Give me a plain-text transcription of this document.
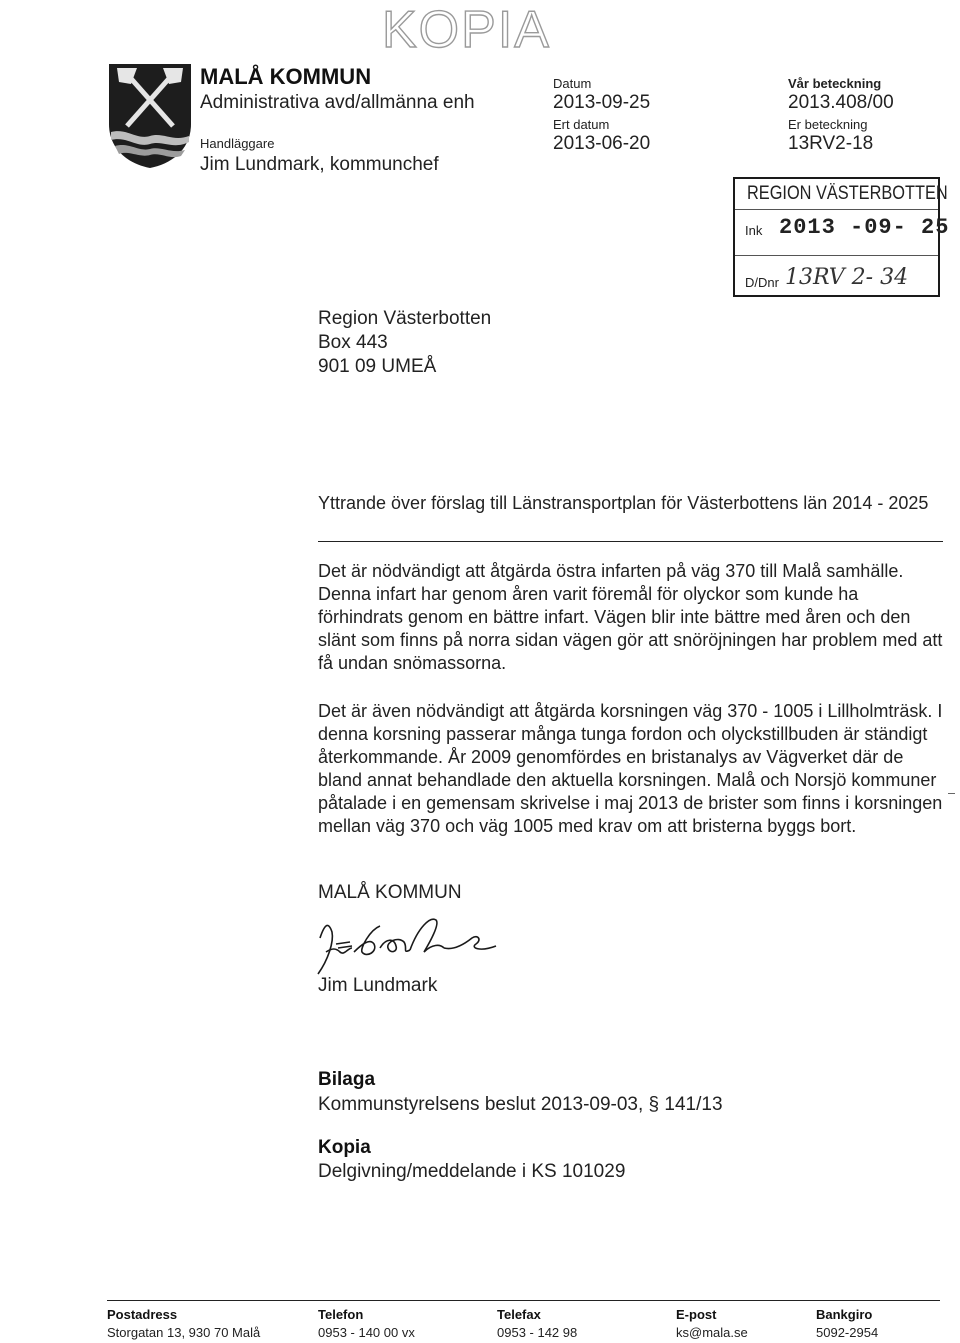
KOPIA
MALÅ KOMMUN
Administrativa avd/allmänna enh
Handläggare
Jim Lundmark, kommunchef
Datum
2013-09-25
Ert datum
2013-06-20
Vår beteckning
2013.408/00
Er beteckning
13RV2-18
REGION VÄSTERBOTTEN
Ink 2013 -09- 25
D/Dnr 13RV 2- 34
Region Västerbotten
Box 443
901 09 UMEÅ
Yttrande över förslag till Länstransportplan för Västerbottens län 2014 - 2025
Det är nödvändigt att åtgärda östra infarten på väg 370 till Malå samhälle. Denna infart har genom åren varit föremål för olyckor som kunde ha förhindrats genom en bättre infart. Vägen blir inte bättre med åren och den slänt som finns på norra sidan vägen gör att snöröjningen har problem med att få undan snömassorna.
Det är även nödvändigt att åtgärda korsningen väg 370 - 1005 i Lillholmträsk. I denna korsning passerar många tunga fordon och olyckstillbuden är ständigt återkommande. År 2009 genomfördes en bristanalys av Vägverket där de bland annat behandlade den aktuella korsningen. Malå och Norsjö kommuner påtalade i en gemensam skrivelse i maj 2013 de brister som finns i korsningen mellan väg 370 och väg 1005 med krav om att bristerna byggs bort.
MALÅ KOMMUN
Jim Lundmark
Bilaga
Kommunstyrelsens beslut 2013-09-03, § 141/13
Kopia
Delgivning/meddelande i KS 101029
Postadress
Storgatan 13, 930 70 Malå
Telefon
0953 - 140 00 vx
Telefax
0953 - 142 98
E-post
ks@mala.se
Bankgiro
5092-2954
